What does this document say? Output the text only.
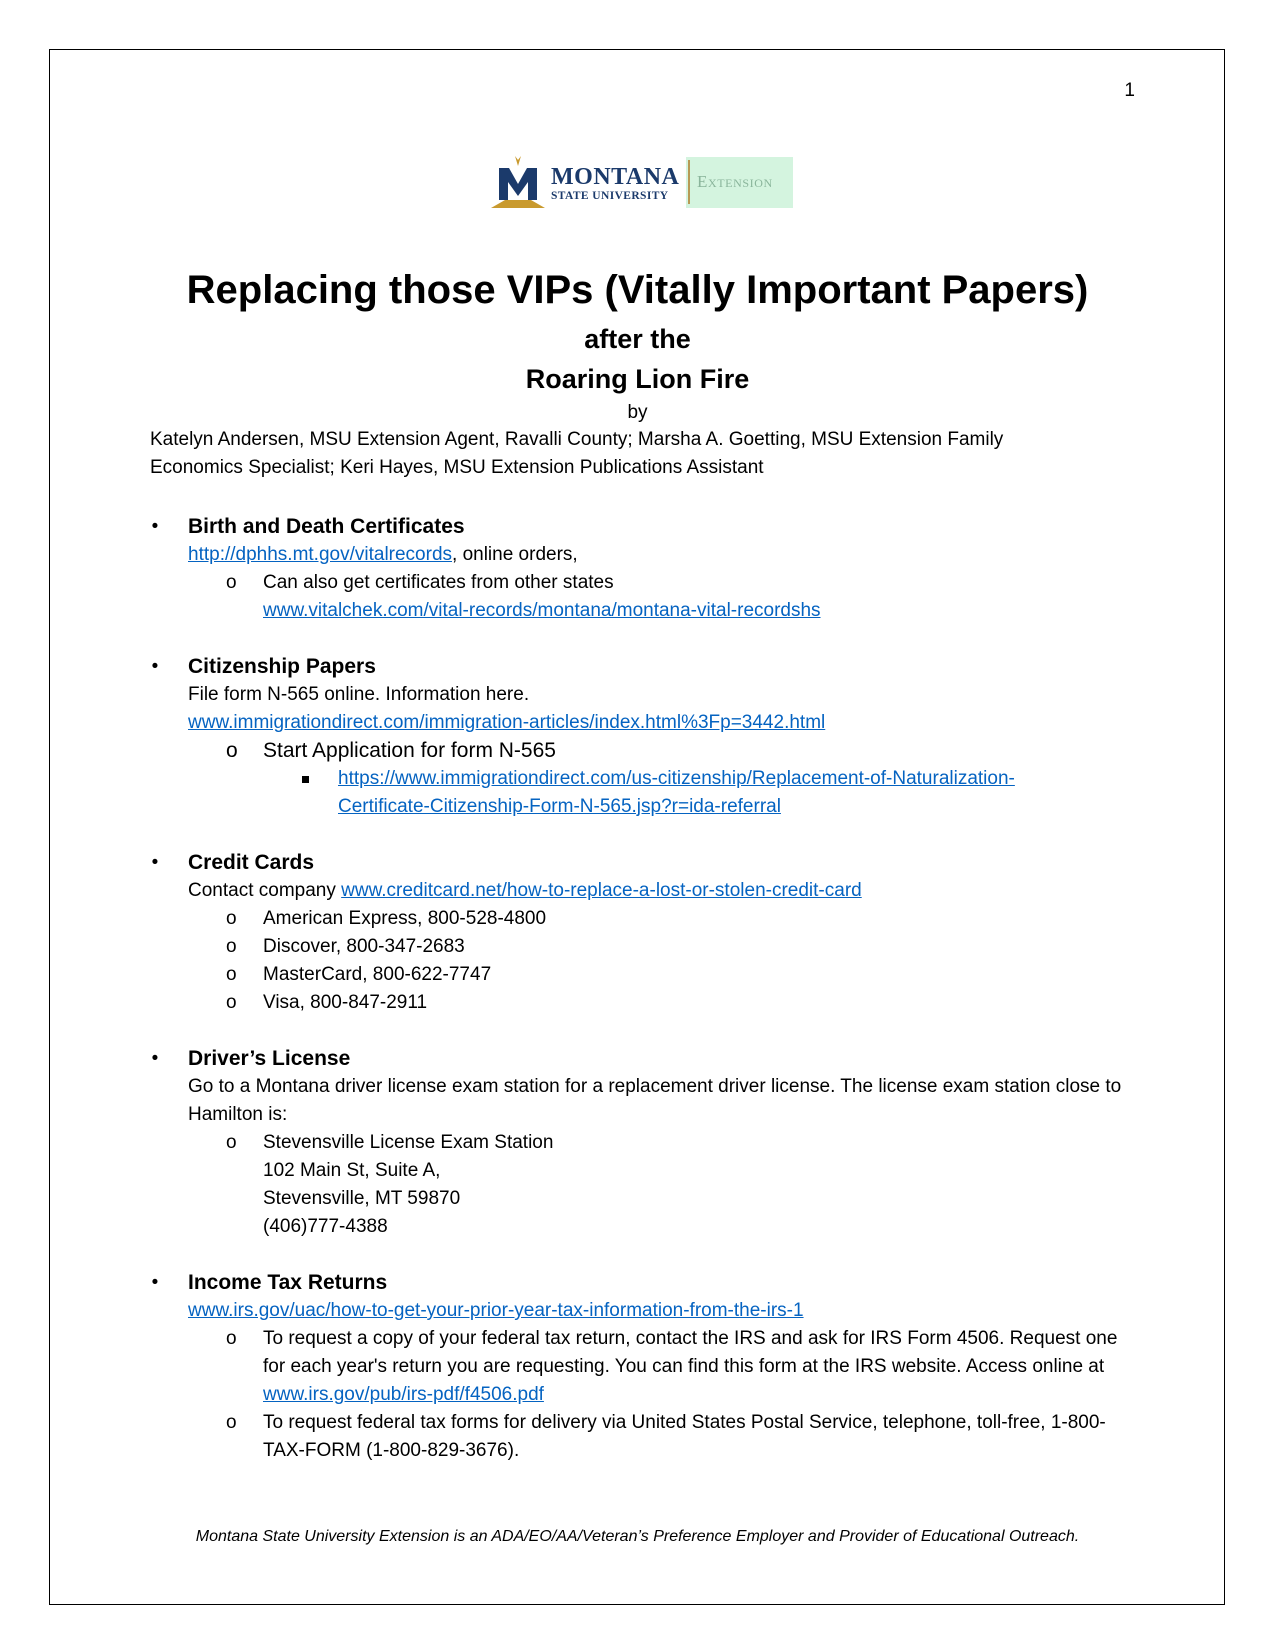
1
MONTANA
STATE UNIVERSITY
Extension
Replacing those VIPs (Vitally Important Papers)
after the
Roaring Lion Fire
by
Katelyn Andersen, MSU Extension Agent, Ravalli County; Marsha A. Goetting, MSU Extension Family Economics Specialist; Keri Hayes, MSU Extension Publications Assistant
• Birth and Death Certificates
http://dphhs.mt.gov/vitalrecords, online orders,
o Can also get certificates from other states
www.vitalchek.com/vital-records/montana/montana-vital-recordshs
• Citizenship Papers
File form N-565 online. Information here.
www.immigrationdirect.com/immigration-articles/index.html%3Fp=3442.html
o Start Application for form N-565
https://www.immigrationdirect.com/us-citizenship/Replacement-of-Naturalization-
Certificate-Citizenship-Form-N-565.jsp?r=ida-referral
• Credit Cards
Contact company www.creditcard.net/how-to-replace-a-lost-or-stolen-credit-card
o American Express, 800-528-4800
o Discover, 800-347-2683
o MasterCard, 800-622-7747
o Visa, 800-847-2911
• Driver’s License
Go to a Montana driver license exam station for a replacement driver license. The license exam station close to Hamilton is:
o Stevensville License Exam Station
102 Main St, Suite A,
Stevensville, MT 59870
(406)777-4388
• Income Tax Returns
www.irs.gov/uac/how-to-get-your-prior-year-tax-information-from-the-irs-1
o To request a copy of your federal tax return, contact the IRS and ask for IRS Form 4506. Request one for each year's return you are requesting. You can find this form at the IRS website. Access online at www.irs.gov/pub/irs-pdf/f4506.pdf
o To request federal tax forms for delivery via United States Postal Service, telephone, toll-free, 1-800-TAX-FORM (1-800-829-3676).
Montana State University Extension is an ADA/EO/AA/Veteran’s Preference Employer and Provider of Educational Outreach.
